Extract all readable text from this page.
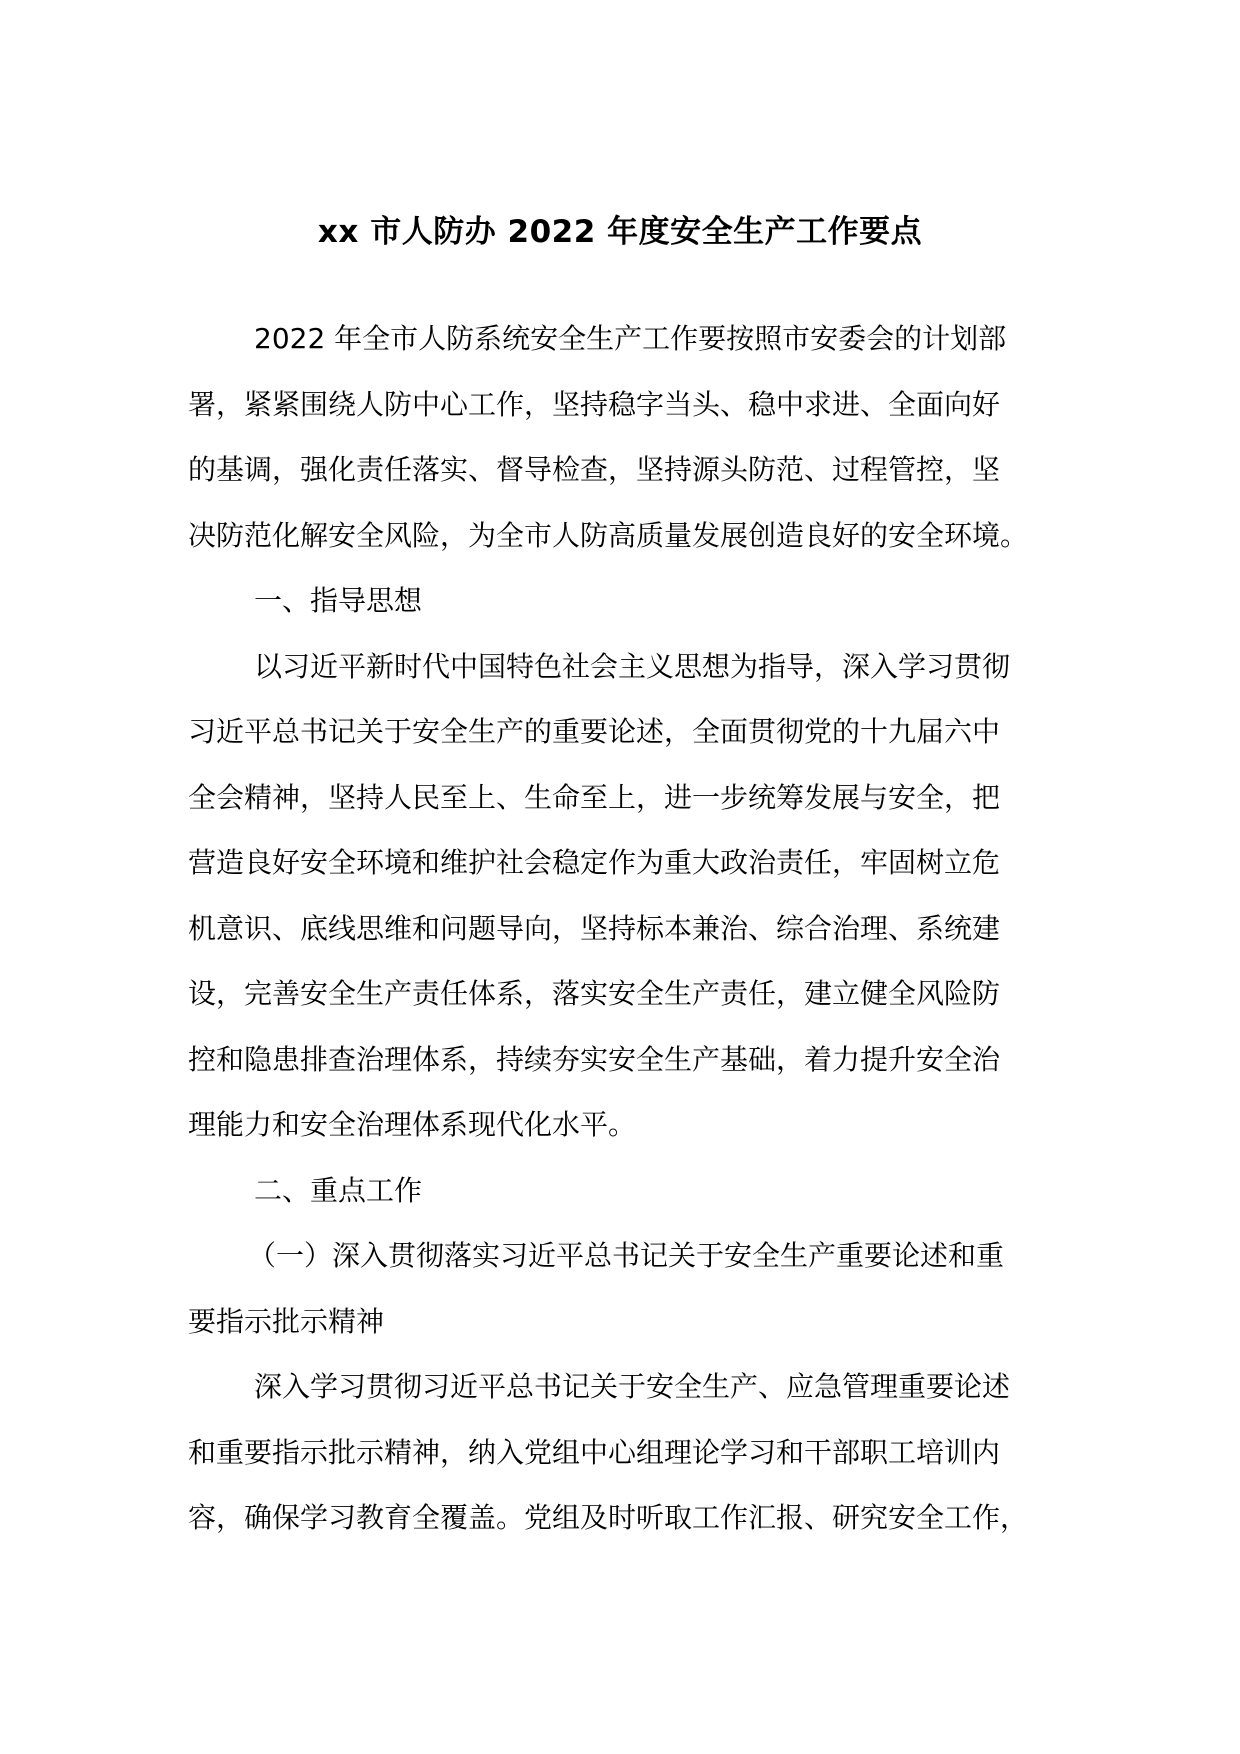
xx 市人防办 2022 年度安全生产工作要点
2022 年全市人防系统安全生产工作要按照市安委会的计划部
署，紧紧围绕人防中心工作，坚持稳字当头、稳中求进、全面向好
的基调，强化责任落实、督导检查，坚持源头防范、过程管控，坚
决防范化解安全风险，为全市人防高质量发展创造良好的安全环境。
一、指导思想
以习近平新时代中国特色社会主义思想为指导，深入学习贯彻
习近平总书记关于安全生产的重要论述，全面贯彻党的十九届六中
全会精神，坚持人民至上、生命至上，进一步统筹发展与安全，把
营造良好安全环境和维护社会稳定作为重大政治责任，牢固树立危
机意识、底线思维和问题导向，坚持标本兼治、综合治理、系统建
设，完善安全生产责任体系，落实安全生产责任，建立健全风险防
控和隐患排查治理体系，持续夯实安全生产基础，着力提升安全治
理能力和安全治理体系现代化水平。
二、重点工作
（一）深入贯彻落实习近平总书记关于安全生产重要论述和重
要指示批示精神
深入学习贯彻习近平总书记关于安全生产、应急管理重要论述
和重要指示批示精神，纳入党组中心组理论学习和干部职工培训内
容，确保学习教育全覆盖。党组及时听取工作汇报、研究安全工作，
